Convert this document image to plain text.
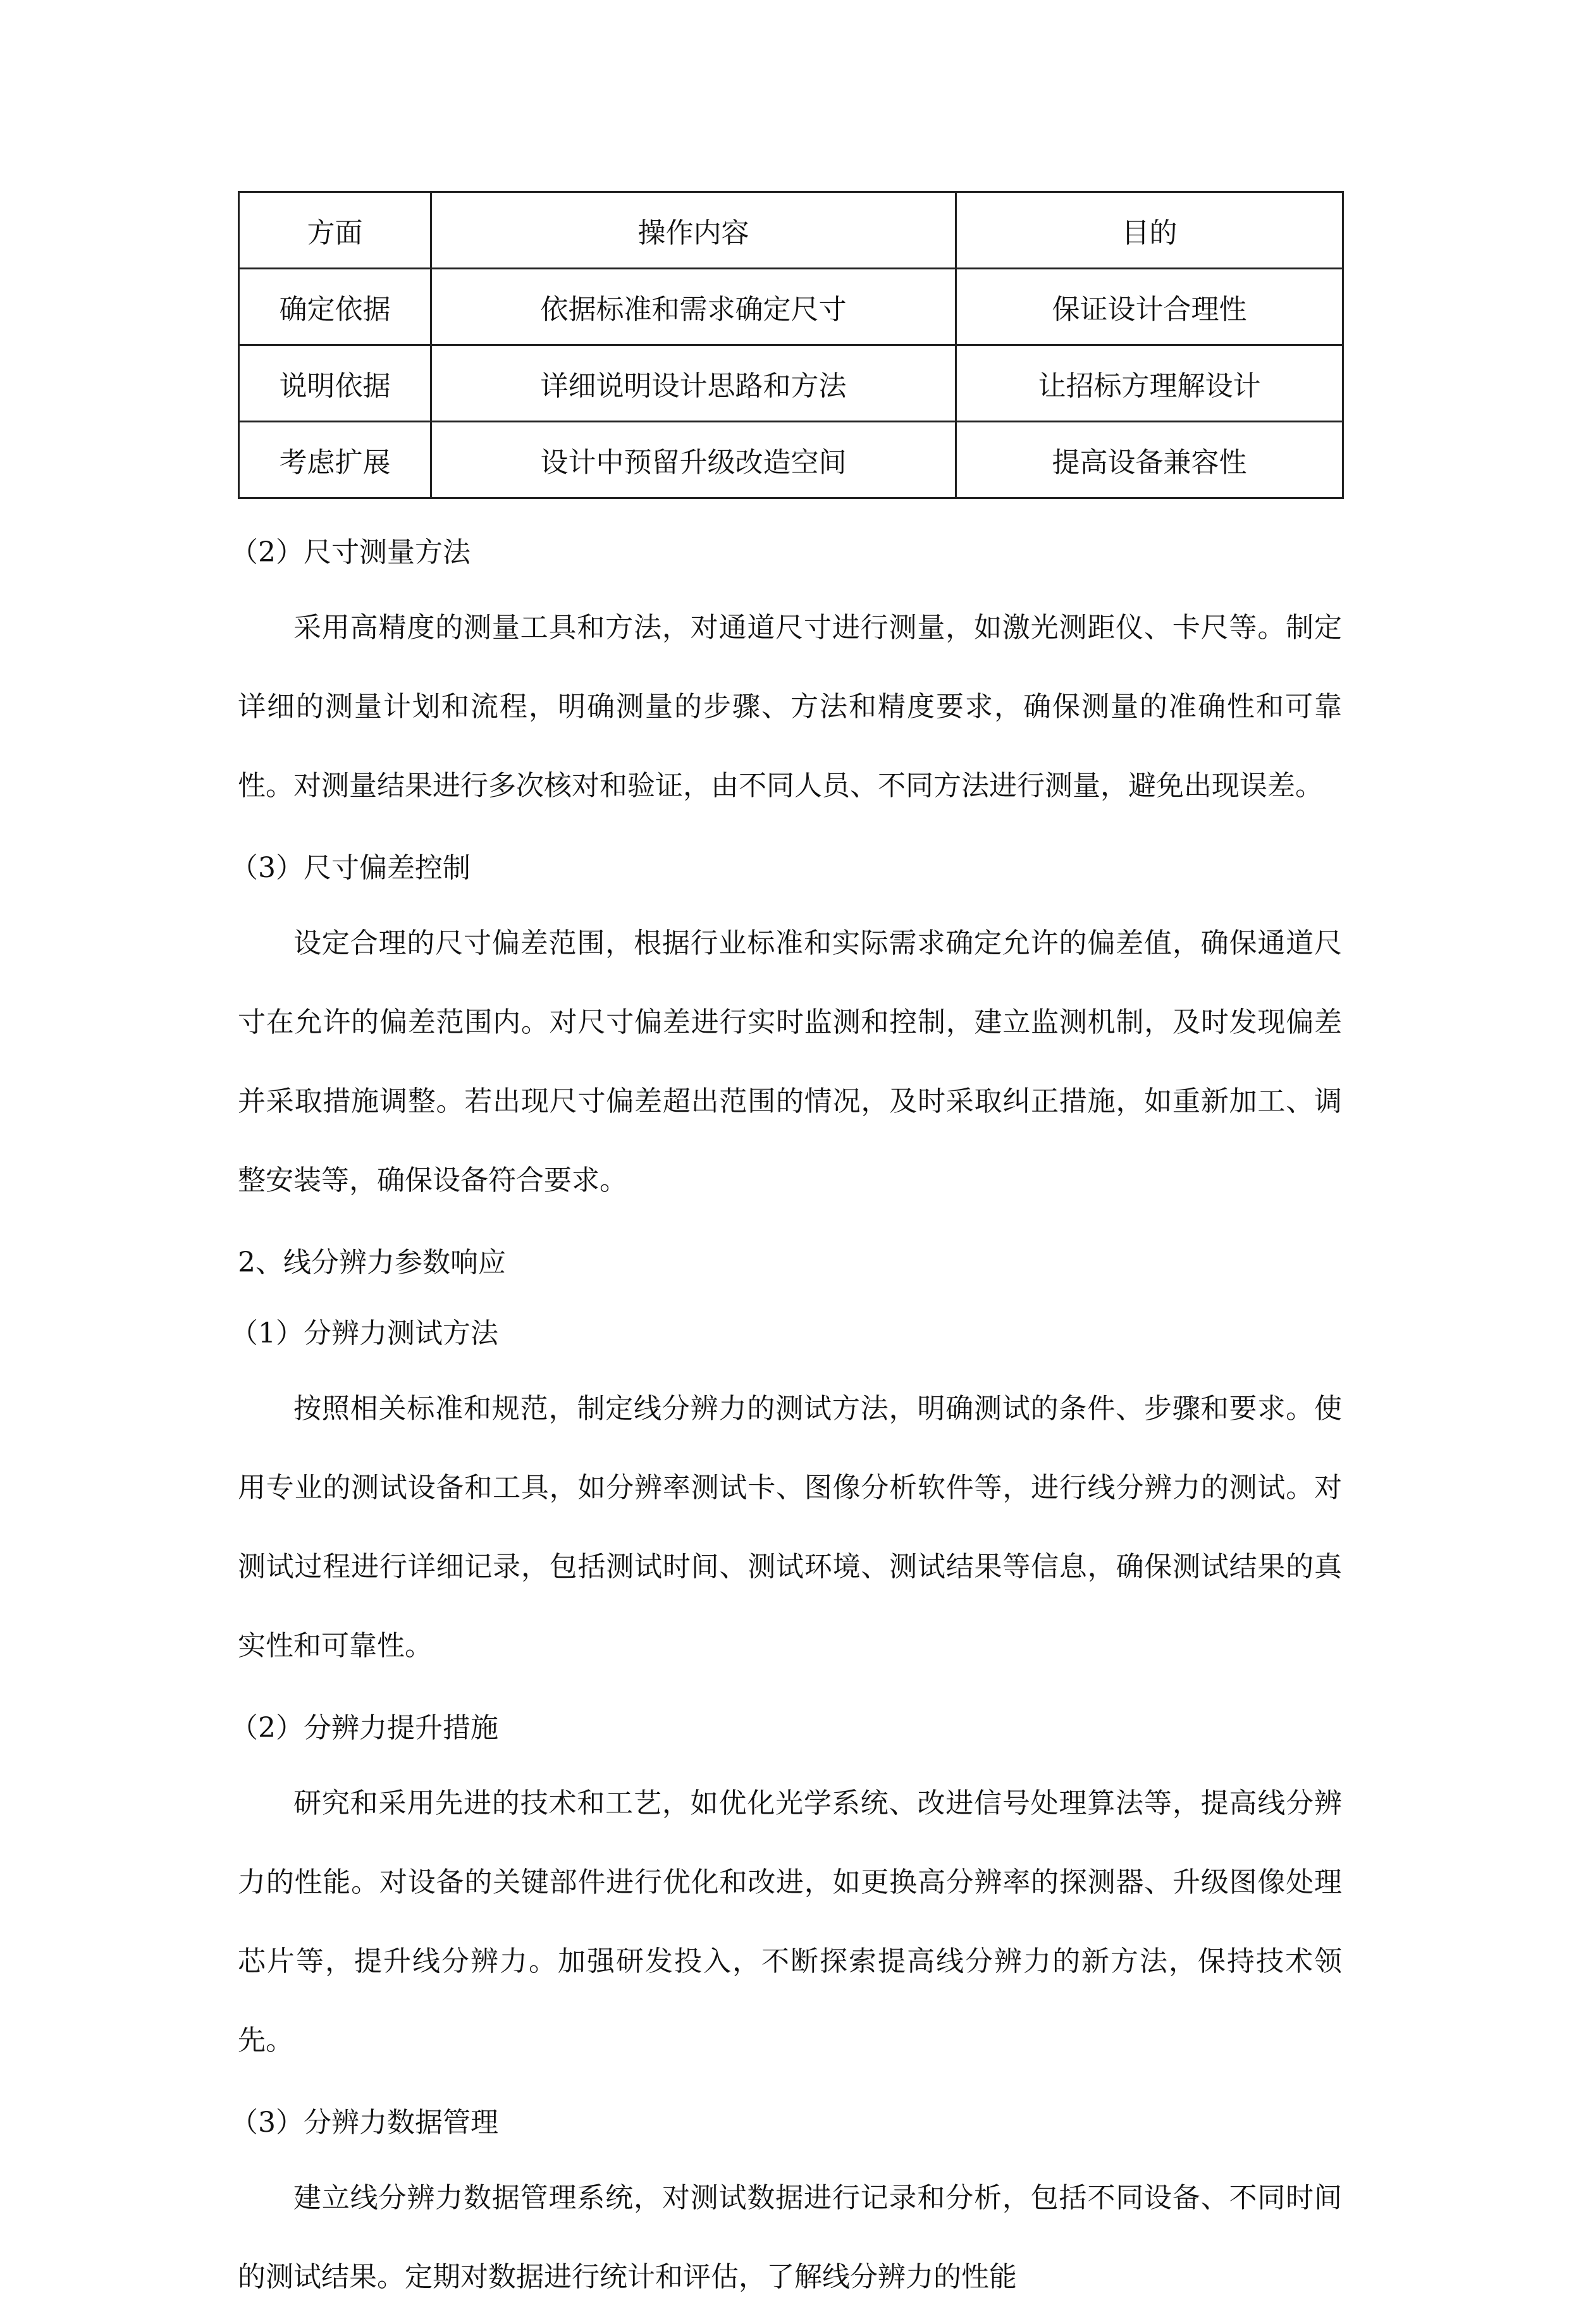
方面	操作内容	目的
确定依据	依据标准和需求确定尺寸	保证设计合理性
说明依据	详细说明设计思路和方法	让招标方理解设计
考虑扩展	设计中预留升级改造空间	提高设备兼容性

（2）尺寸测量方法

采用高精度的测量工具和方法，对通道尺寸进行测量，如激光测距仪、卡尺等。制定详细的测量计划和流程，明确测量的步骤、方法和精度要求，确保测量的准确性和可靠性。对测量结果进行多次核对和验证，由不同人员、不同方法进行测量，避免出现误差。

（3）尺寸偏差控制

设定合理的尺寸偏差范围，根据行业标准和实际需求确定允许的偏差值，确保通道尺寸在允许的偏差范围内。对尺寸偏差进行实时监测和控制，建立监测机制，及时发现偏差并采取措施调整。若出现尺寸偏差超出范围的情况，及时采取纠正措施，如重新加工、调整安装等，确保设备符合要求。

2、线分辨力参数响应

（1）分辨力测试方法

按照相关标准和规范，制定线分辨力的测试方法，明确测试的条件、步骤和要求。使用专业的测试设备和工具，如分辨率测试卡、图像分析软件等，进行线分辨力的测试。对测试过程进行详细记录，包括测试时间、测试环境、测试结果等信息，确保测试结果的真实性和可靠性。

（2）分辨力提升措施

研究和采用先进的技术和工艺，如优化光学系统、改进信号处理算法等，提高线分辨力的性能。对设备的关键部件进行优化和改进，如更换高分辨率的探测器、升级图像处理芯片等，提升线分辨力。加强研发投入，不断探索提高线分辨力的新方法，保持技术领先。

（3）分辨力数据管理

建立线分辨力数据管理系统，对测试数据进行记录和分析，包括不同设备、不同时间的测试结果。定期对数据进行统计和评估，了解线分辨力的性能
